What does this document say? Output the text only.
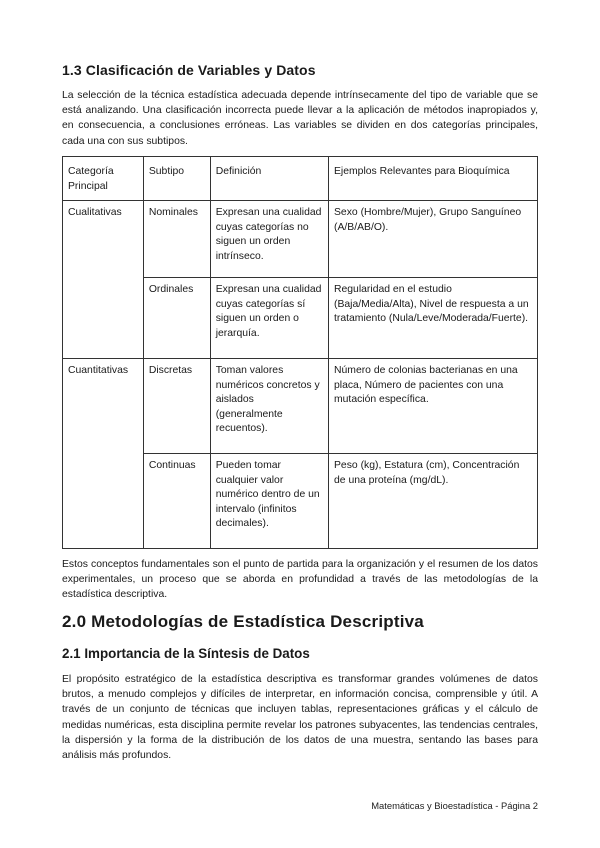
1.3 Clasificación de Variables y Datos

La selección de la técnica estadística adecuada depende intrínsecamente del tipo de variable que se está analizando. Una clasificación incorrecta puede llevar a la aplicación de métodos inapropiados y, en consecuencia, a conclusiones erróneas. Las variables se dividen en dos categorías principales, cada una con sus subtipos.

Categoría Principal	Subtipo	Definición	Ejemplos Relevantes para Bioquímica
Cualitativas	Nominales	Expresan una cualidad cuyas categorías no siguen un orden intrínseco.	Sexo (Hombre/Mujer), Grupo Sanguíneo (A/B/AB/O).
	Ordinales	Expresan una cualidad cuyas categorías sí siguen un orden o jerarquía.	Regularidad en el estudio (Baja/Media/Alta), Nivel de respuesta a un tratamiento (Nula/Leve/Moderada/Fuerte).
Cuantitativas	Discretas	Toman valores numéricos concretos y aislados (generalmente recuentos).	Número de colonias bacterianas en una placa, Número de pacientes con una mutación específica.
	Continuas	Pueden tomar cualquier valor numérico dentro de un intervalo (infinitos decimales).	Peso (kg), Estatura (cm), Concentración de una proteína (mg/dL).

Estos conceptos fundamentales son el punto de partida para la organización y el resumen de los datos experimentales, un proceso que se aborda en profundidad a través de las metodologías de la estadística descriptiva.

2.0 Metodologías de Estadística Descriptiva
2.1 Importancia de la Síntesis de Datos

El propósito estratégico de la estadística descriptiva es transformar grandes volúmenes de datos brutos, a menudo complejos y difíciles de interpretar, en información concisa, comprensible y útil. A través de un conjunto de técnicas que incluyen tablas, representaciones gráficas y el cálculo de medidas numéricas, esta disciplina permite revelar los patrones subyacentes, las tendencias centrales, la dispersión y la forma de la distribución de los datos de una muestra, sentando las bases para análisis más profundos.

Matemáticas y Bioestadística - Página 2
